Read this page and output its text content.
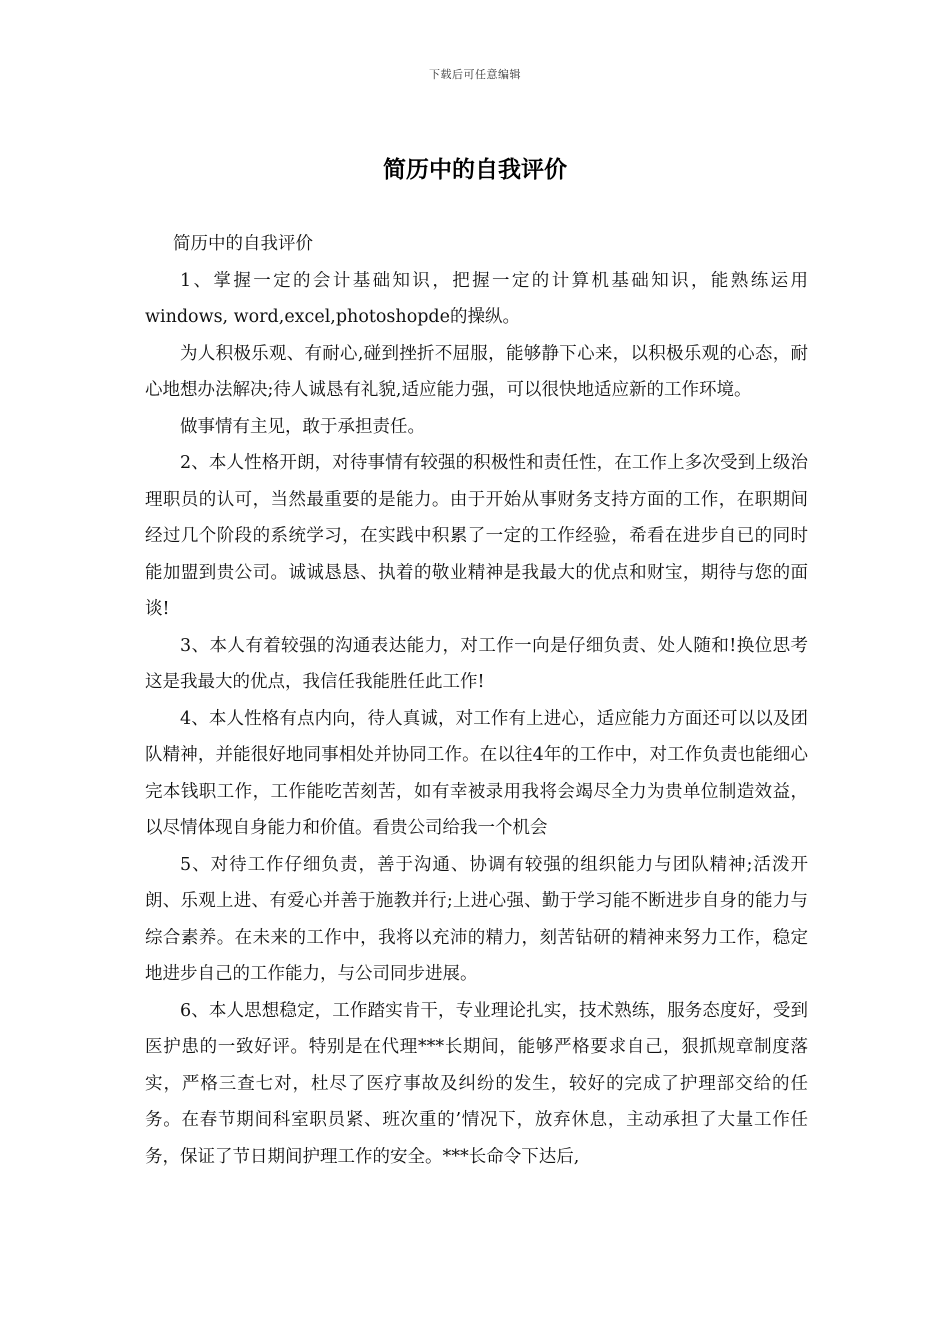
下载后可任意编辑
简历中的自我评价

简历中的自我评价

1、掌握一定的会计基础知识，把握一定的计算机基础知识，能熟练运用windows, word,excel,photoshopde的操纵。

为人积极乐观、有耐心,碰到挫折不屈服，能够静下心来，以积极乐观的心态，耐心地想办法解决;待人诚恳有礼貌,适应能力强，可以很快地适应新的工作环境。

做事情有主见，敢于承担责任。

2、本人性格开朗，对待事情有较强的积极性和责任性，在工作上多次受到上级治理职员的认可，当然最重要的是能力。由于开始从事财务支持方面的工作，在职期间经过几个阶段的系统学习，在实践中积累了一定的工作经验，希看在进步自已的同时能加盟到贵公司。诚诚恳恳、执着的敬业精神是我最大的优点和财宝，期待与您的面谈!

3、本人有着较强的沟通表达能力，对工作一向是仔细负责、处人随和!换位思考这是我最大的优点，我信任我能胜任此工作!

4、本人性格有点内向，待人真诚，对工作有上进心，适应能力方面还可以以及团队精神，并能很好地同事相处并协同工作。在以往4年的工作中，对工作负责也能细心完本钱职工作，工作能吃苦刻苦，如有幸被录用我将会竭尽全力为贵单位制造效益，以尽情体现自身能力和价值。看贵公司给我一个机会

5、对待工作仔细负责，善于沟通、协调有较强的组织能力与团队精神;活泼开朗、乐观上进、有爱心并善于施教并行;上进心强、勤于学习能不断进步自身的能力与综合素养。在未来的工作中，我将以充沛的精力，刻苦钻研的精神来努力工作，稳定地进步自己的工作能力，与公司同步进展。

6、本人思想稳定，工作踏实肯干，专业理论扎实，技术熟练，服务态度好，受到医护患的一致好评。特别是在代理***长期间，能够严格要求自己，狠抓规章制度落实，严格三查七对，杜尽了医疗事故及纠纷的发生，较好的完成了护理部交给的任务。在春节期间科室职员紧、班次重的’情况下，放弃休息，主动承担了大量工作任务，保证了节日期间护理工作的安全。***长命令下达后,
